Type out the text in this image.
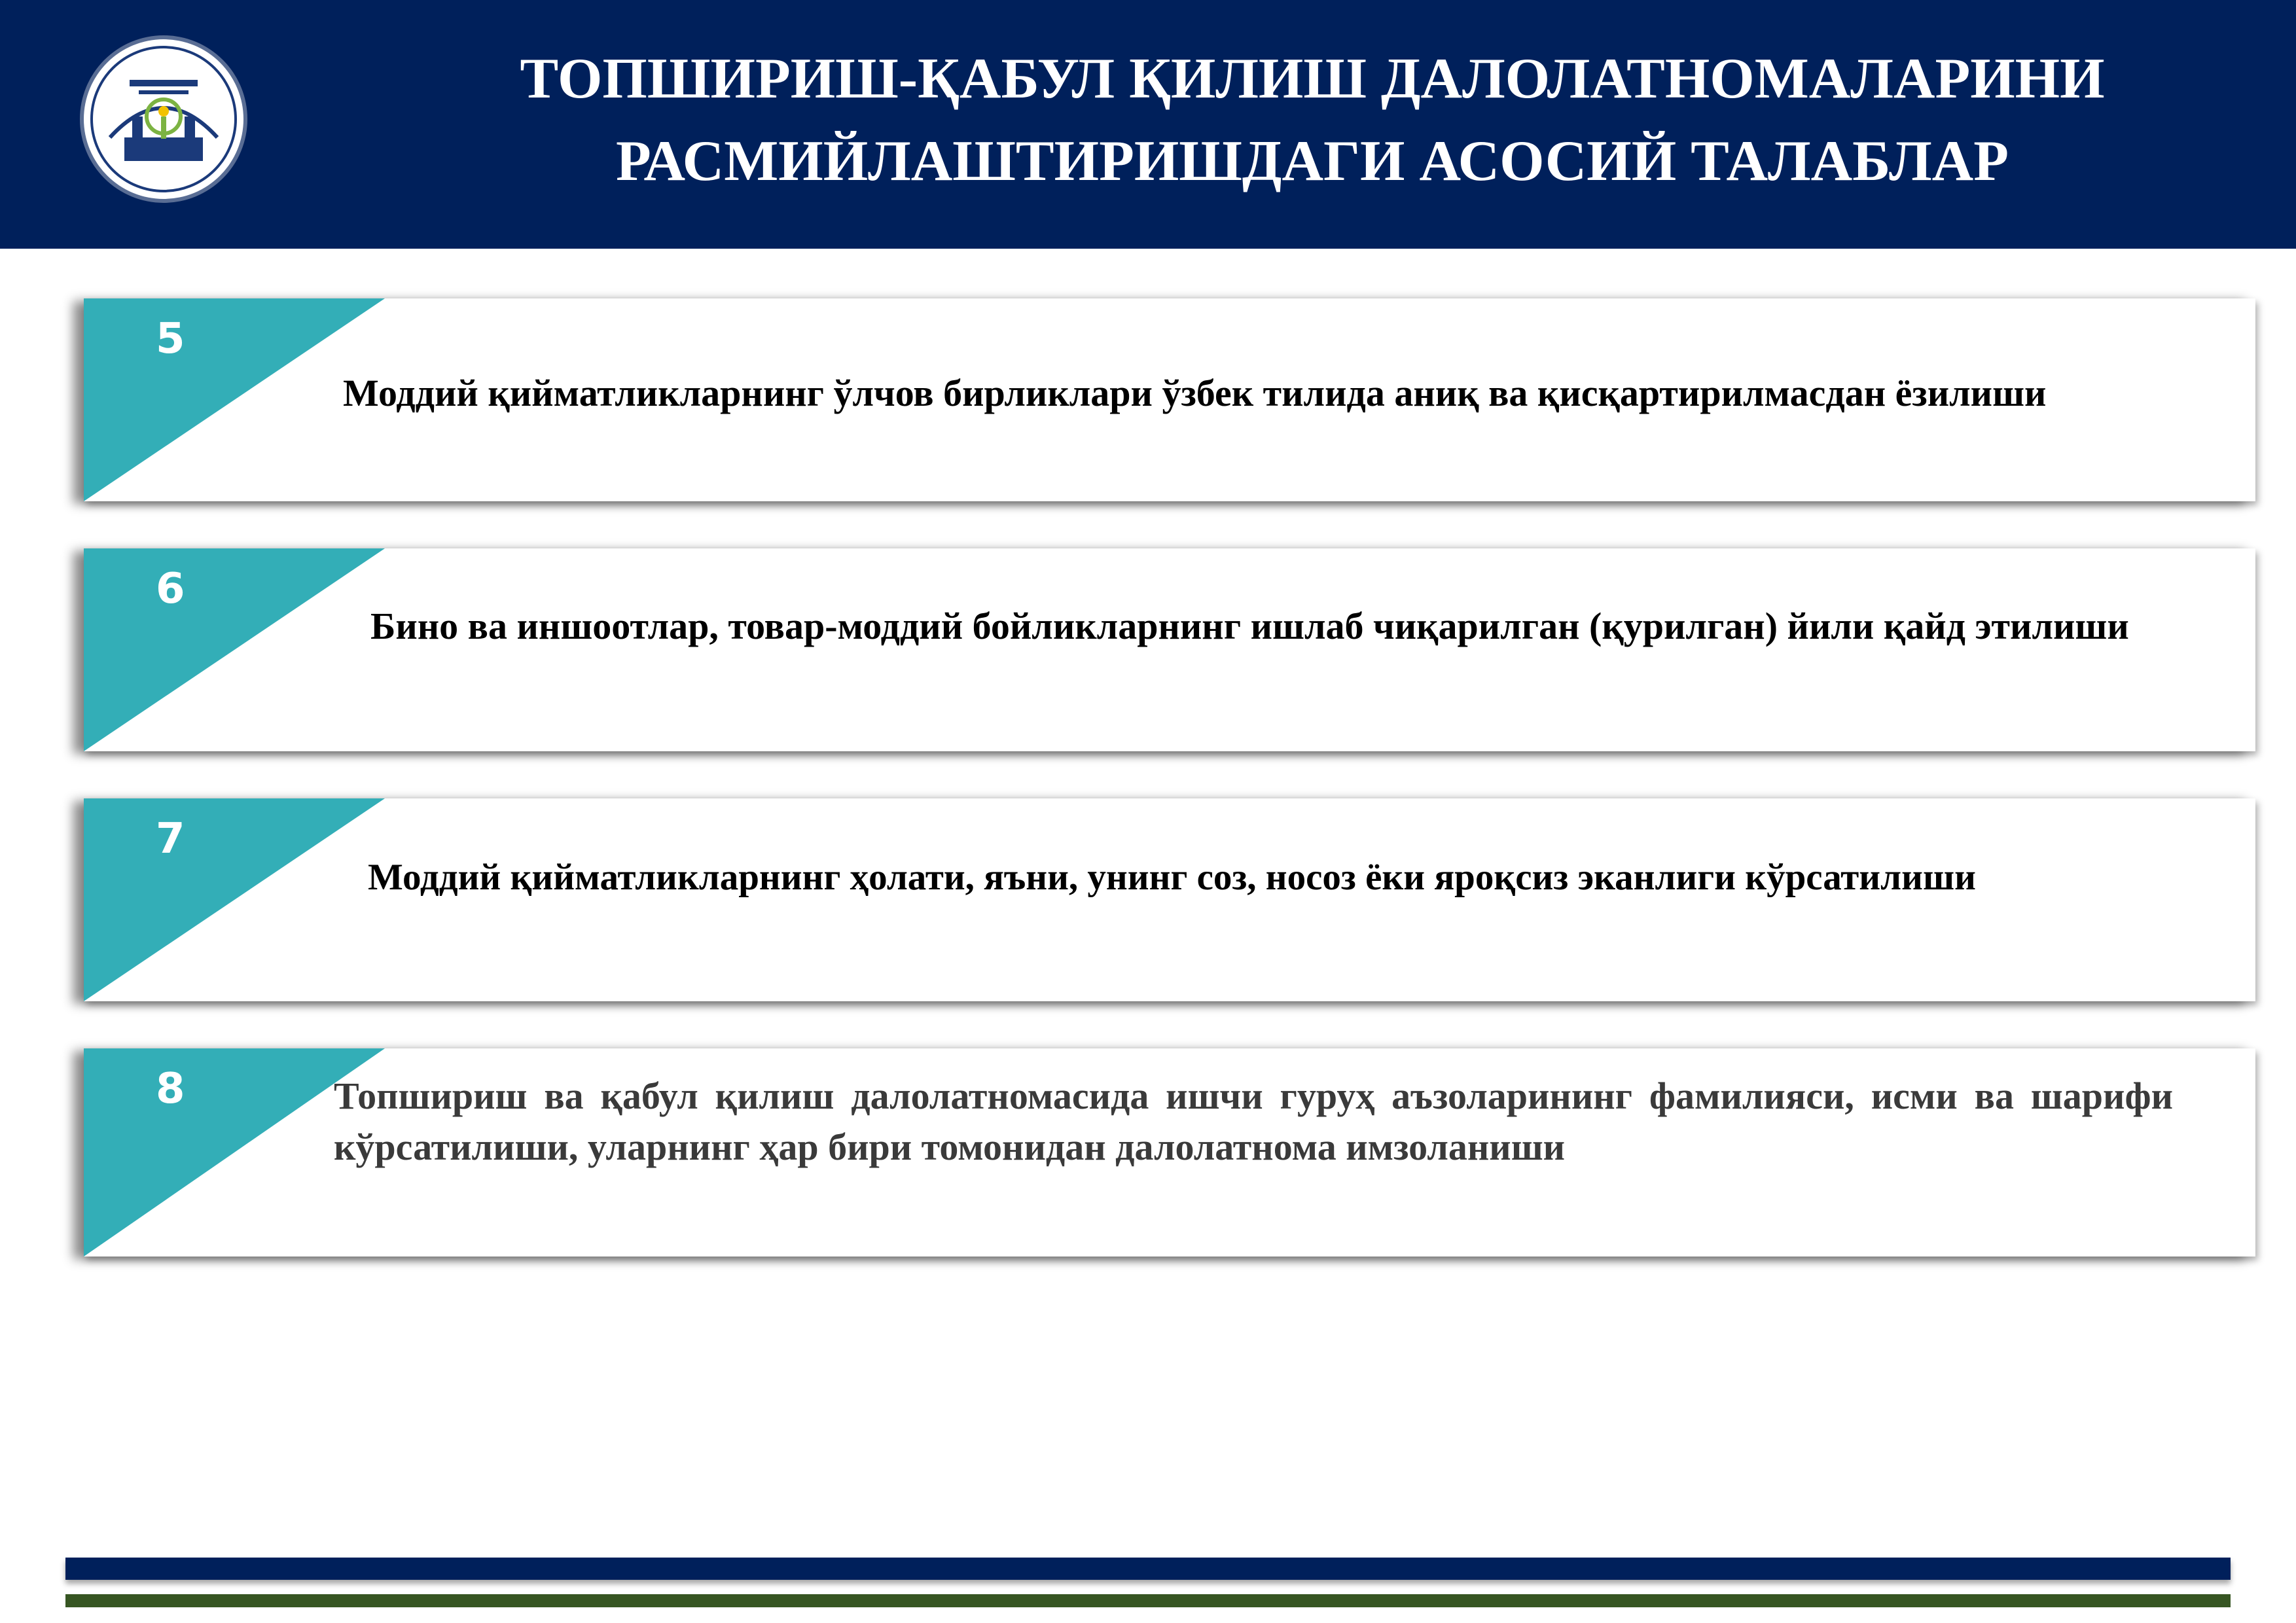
ТОПШИРИШ-ҚАБУЛ ҚИЛИШ ДАЛОЛАТНОМАЛАРИНИ
РАСМИЙЛАШТИРИШДАГИ АСОСИЙ ТАЛАБЛАР
5
Моддий қийматликларнинг ўлчов бирликлари ўзбек тилида аниқ ва қисқартирилмасдан ёзилиши
6
Бино ва иншоотлар, товар-моддий бойликларнинг ишлаб чиқарилган (қурилган) йили қайд этилиши
7
Моддий қийматликларнинг ҳолати, яъни, унинг соз, носоз ёки яроқсиз эканлиги кўрсатилиши
8	Топшириш ва қабул қилиш далолатномасида ишчи гуруҳ аъзоларининг фамилияси, исми ва шарифи кўрсатилиши, уларнинг ҳар бири томонидан далолатнома имзоланиши
